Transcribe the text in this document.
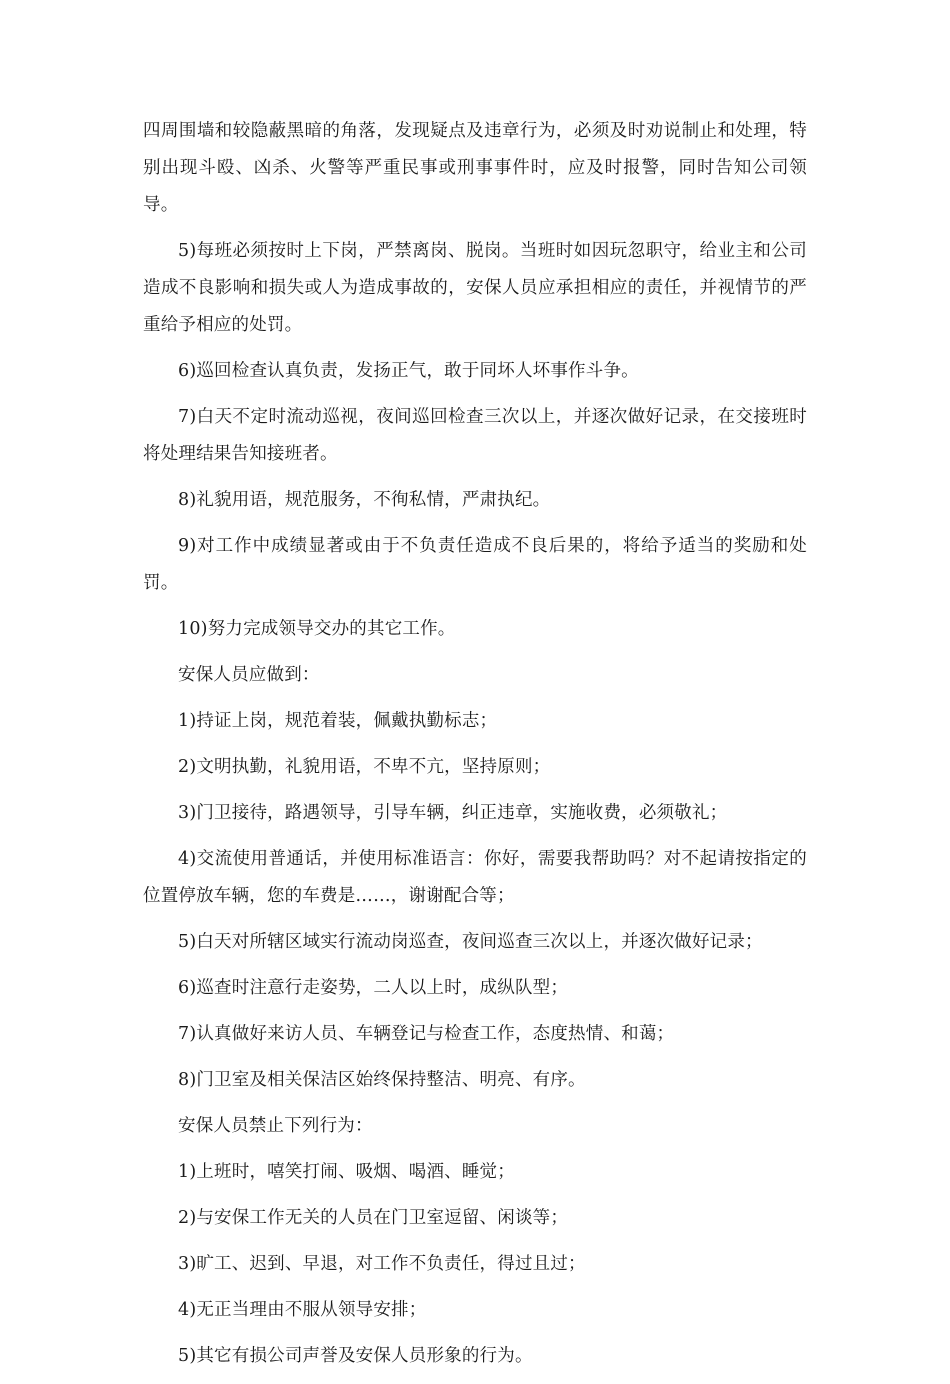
四周围墙和较隐蔽黑暗的角落，发现疑点及违章行为，必须及时劝说制止和处理，特别出现斗殴、凶杀、火警等严重民事或刑事事件时，应及时报警，同时告知公司领导。

5)每班必须按时上下岗，严禁离岗、脱岗。当班时如因玩忽职守，给业主和公司造成不良影响和损失或人为造成事故的，安保人员应承担相应的责任，并视情节的严重给予相应的处罚。

6)巡回检查认真负责，发扬正气，敢于同坏人坏事作斗争。

7)白天不定时流动巡视，夜间巡回检查三次以上，并逐次做好记录，在交接班时将处理结果告知接班者。

8)礼貌用语，规范服务，不徇私情，严肃执纪。

9)对工作中成绩显著或由于不负责任造成不良后果的，将给予适当的奖励和处罚。

10)努力完成领导交办的其它工作。

安保人员应做到：

1)持证上岗，规范着装，佩戴执勤标志；

2)文明执勤，礼貌用语，不卑不亢，坚持原则；

3)门卫接待，路遇领导，引导车辆，纠正违章，实施收费，必须敬礼；

4)交流使用普通话，并使用标准语言：你好，需要我帮助吗？对不起请按指定的位置停放车辆，您的车费是……，谢谢配合等；

5)白天对所辖区域实行流动岗巡查，夜间巡查三次以上，并逐次做好记录；

6)巡查时注意行走姿势，二人以上时，成纵队型；

7)认真做好来访人员、车辆登记与检查工作，态度热情、和蔼；

8)门卫室及相关保洁区始终保持整洁、明亮、有序。

安保人员禁止下列行为：

1)上班时，嘻笑打闹、吸烟、喝酒、睡觉；

2)与安保工作无关的人员在门卫室逗留、闲谈等；

3)旷工、迟到、早退，对工作不负责任，得过且过；

4)无正当理由不服从领导安排；

5)其它有损公司声誉及安保人员形象的行为。
